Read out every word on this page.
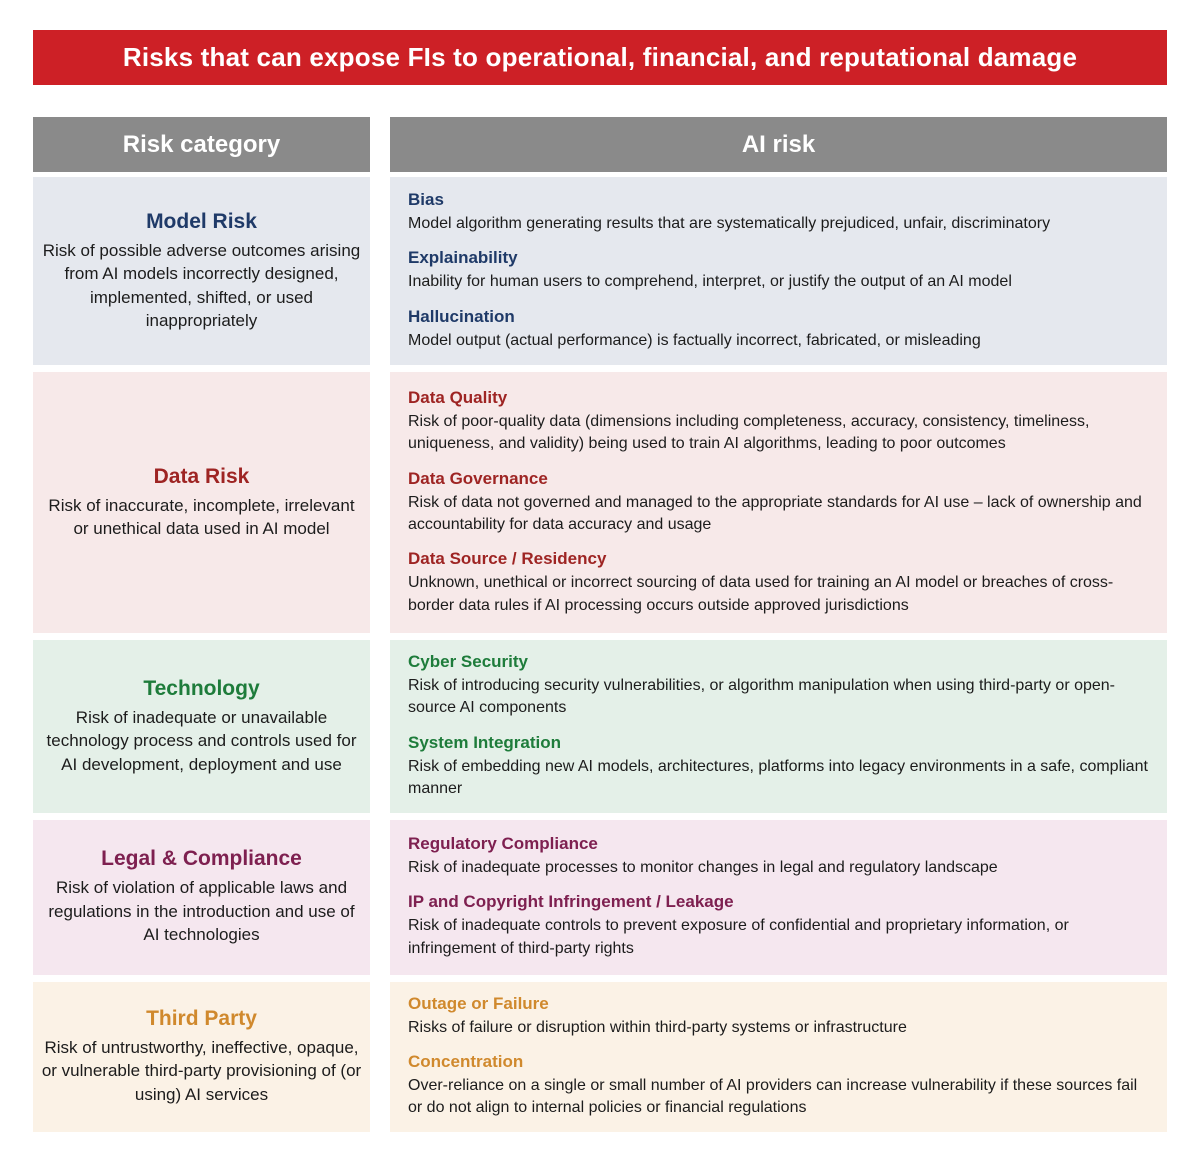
Risks that can expose FIs to operational, financial, and reputational damage
Risk category	AI risk
Model Risk

Risk of possible adverse outcomes arising from AI models incorrectly designed, implemented, shifted, or used inappropriately

Bias

Model algorithm generating results that are systematically prejudiced, unfair, discriminatory

Explainability

Inability for human users to comprehend, interpret, or justify the output of an AI model

Hallucination

Model output (actual performance) is factually incorrect, fabricated, or misleading

Data Risk

Risk of inaccurate, incomplete, irrelevant or unethical data used in AI model

Data Quality

Risk of poor-quality data (dimensions including completeness, accuracy, consistency, timeliness, uniqueness, and validity) being used to train AI algorithms, leading to poor outcomes

Data Governance

Risk of data not governed and managed to the appropriate standards for AI use – lack of ownership and accountability for data accuracy and usage

Data Source / Residency

Unknown, unethical or incorrect sourcing of data used for training an AI model or breaches of cross-border data rules if AI processing occurs outside approved jurisdictions

Technology

Risk of inadequate or unavailable technology process and controls used for AI development, deployment and use

Cyber Security

Risk of introducing security vulnerabilities, or algorithm manipulation when using third-party or open-source AI components

System Integration

Risk of embedding new AI models, architectures, platforms into legacy environments in a safe, compliant manner

Legal & Compliance

Risk of violation of applicable laws and regulations in the introduction and use of AI technologies

Regulatory Compliance

Risk of inadequate processes to monitor changes in legal and regulatory landscape

IP and Copyright Infringement / Leakage

Risk of inadequate controls to prevent exposure of confidential and proprietary information, or infringement of third-party rights

Third Party

Risk of untrustworthy, ineffective, opaque, or vulnerable third-party provisioning of (or using) AI services

Outage or Failure

Risks of failure or disruption within third-party systems or infrastructure

Concentration

Over-reliance on a single or small number of AI providers can increase vulnerability if these sources fail or do not align to internal policies or financial regulations
